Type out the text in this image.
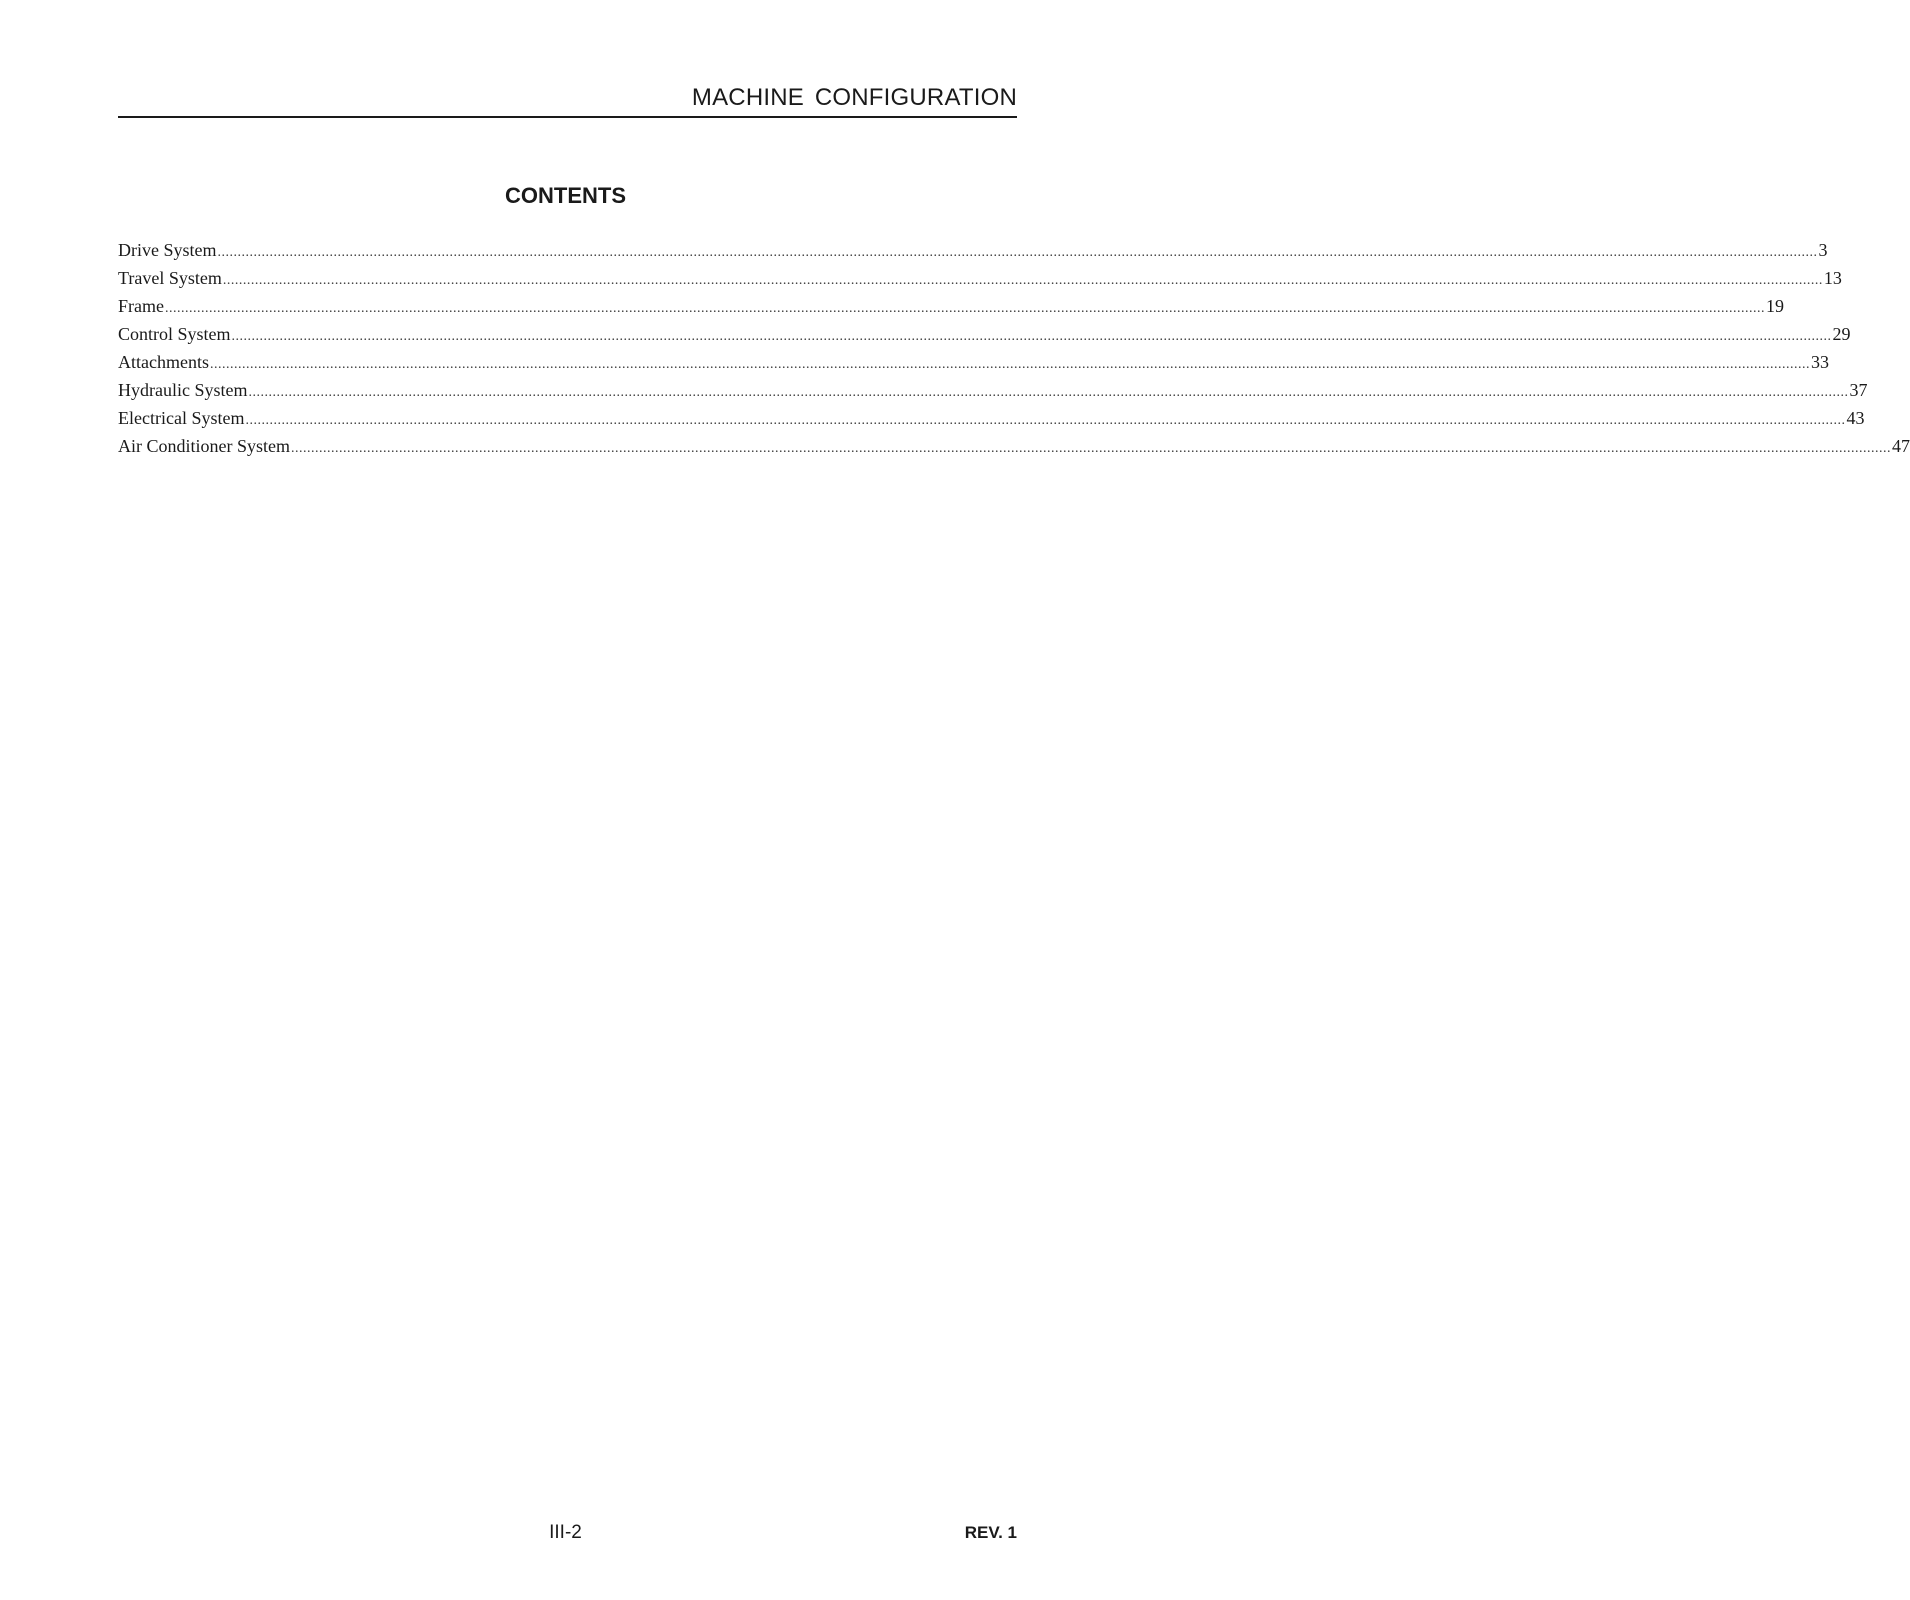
MACHINE CONFIGURATION
CONTENTS
Drive System ................................................................................................................................................................................................................................................................................................................................................................................................................ 3
Travel System ................................................................................................................................................................................................................................................................................................................................................................................................................ 13
Frame ................................................................................................................................................................................................................................................................................................................................................................................................................ 19
Control System ................................................................................................................................................................................................................................................................................................................................................................................................................ 29
Attachments ................................................................................................................................................................................................................................................................................................................................................................................................................ 33
Hydraulic System ................................................................................................................................................................................................................................................................................................................................................................................................................ 37
Electrical System ................................................................................................................................................................................................................................................................................................................................................................................................................ 43
Air Conditioner System ................................................................................................................................................................................................................................................................................................................................................................................................................ 47
III-2	REV. 1
